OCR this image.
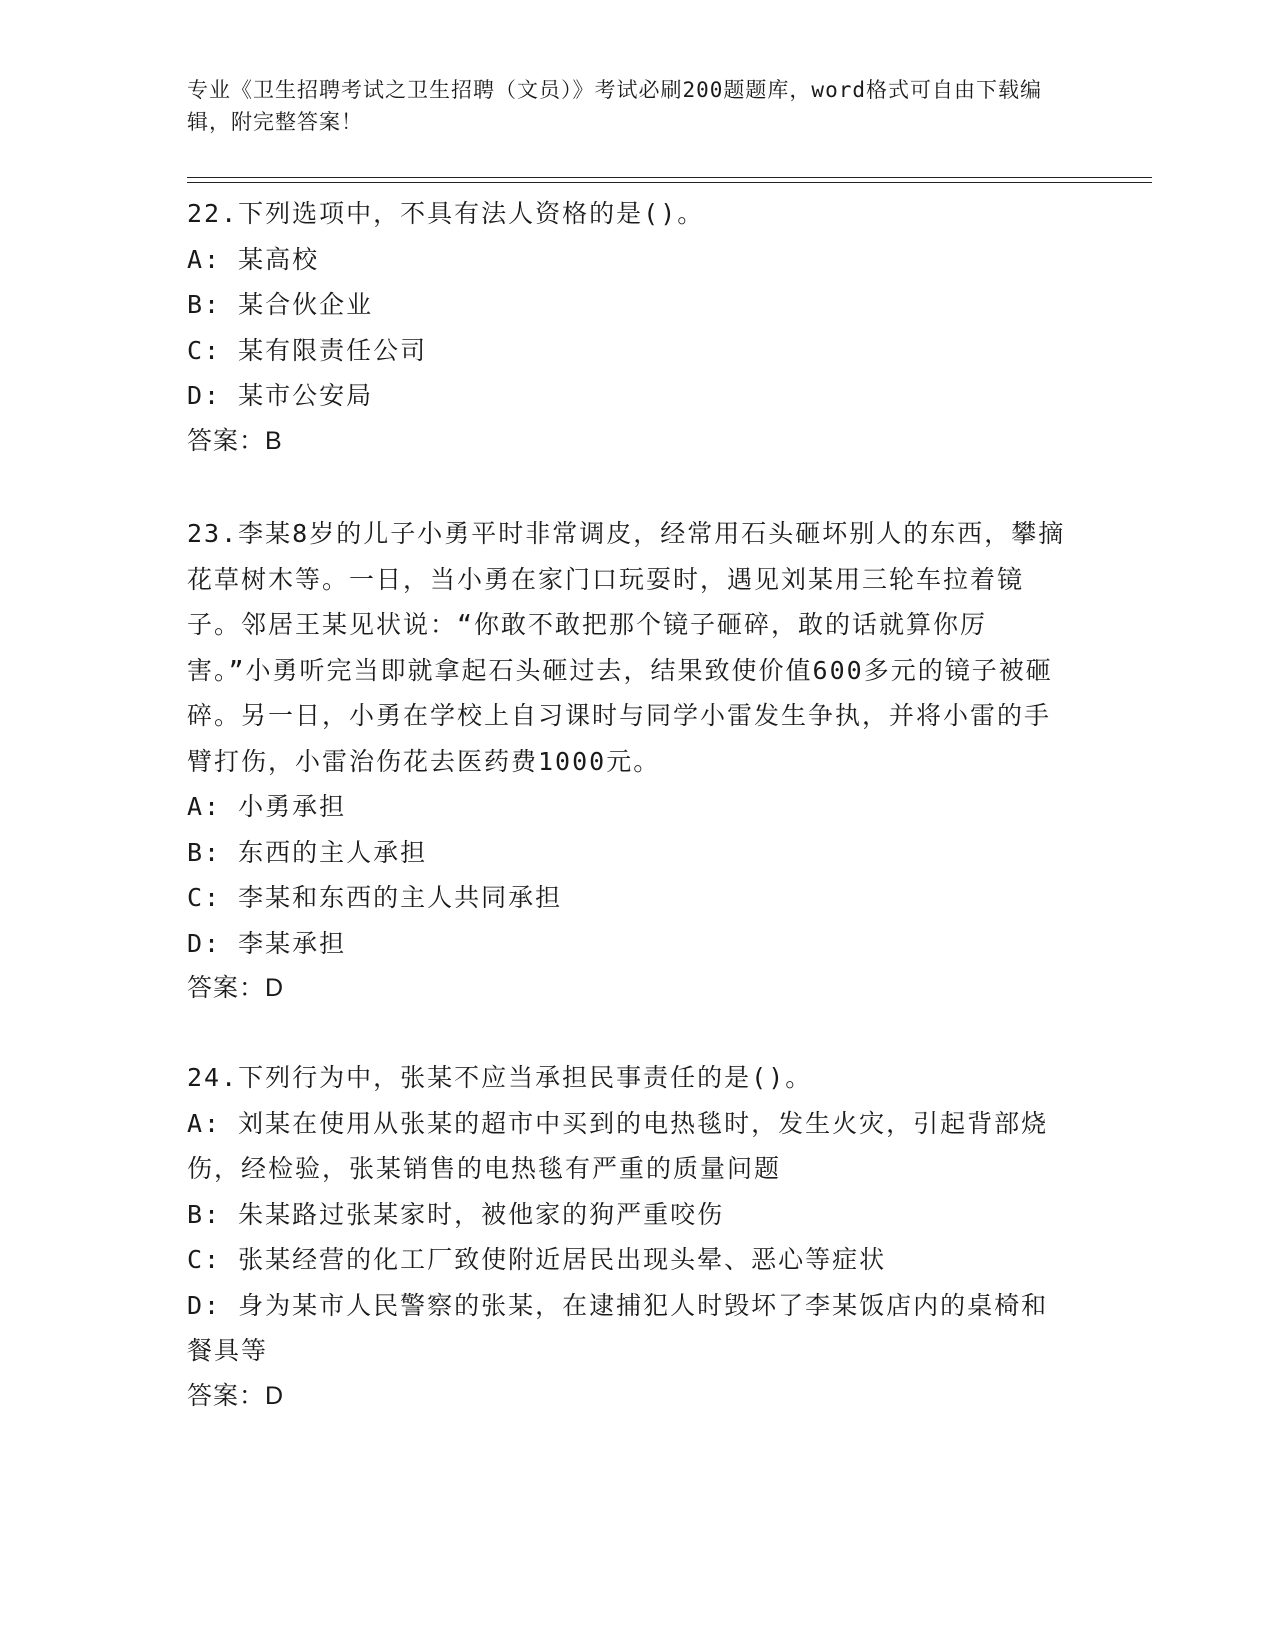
专业《卫生招聘考试之卫生招聘（文员）》考试必刷200题题库，word格式可自由下载编辑，附完整答案！

22.下列选项中，不具有法人资格的是()。

A: 某高校

B: 某合伙企业

C: 某有限责任公司

D: 某市公安局

答案：B

23.李某8岁的儿子小勇平时非常调皮，经常用石头砸坏别人的东西，攀摘花草树木等。一日，当小勇在家门口玩耍时，遇见刘某用三轮车拉着镜子。邻居王某见状说：“你敢不敢把那个镜子砸碎，敢的话就算你厉害。”小勇听完当即就拿起石头砸过去，结果致使价值600多元的镜子被砸碎。另一日，小勇在学校上自习课时与同学小雷发生争执，并将小雷的手臂打伤，小雷治伤花去医药费1000元。

A: 小勇承担

B: 东西的主人承担

C: 李某和东西的主人共同承担

D: 李某承担

答案：D

24.下列行为中，张某不应当承担民事责任的是()。

A: 刘某在使用从张某的超市中买到的电热毯时，发生火灾，引起背部烧伤，经检验，张某销售的电热毯有严重的质量问题

B: 朱某路过张某家时，被他家的狗严重咬伤

C: 张某经营的化工厂致使附近居民出现头晕、恶心等症状

D: 身为某市人民警察的张某，在逮捕犯人时毁坏了李某饭店内的桌椅和餐具等

答案：D
